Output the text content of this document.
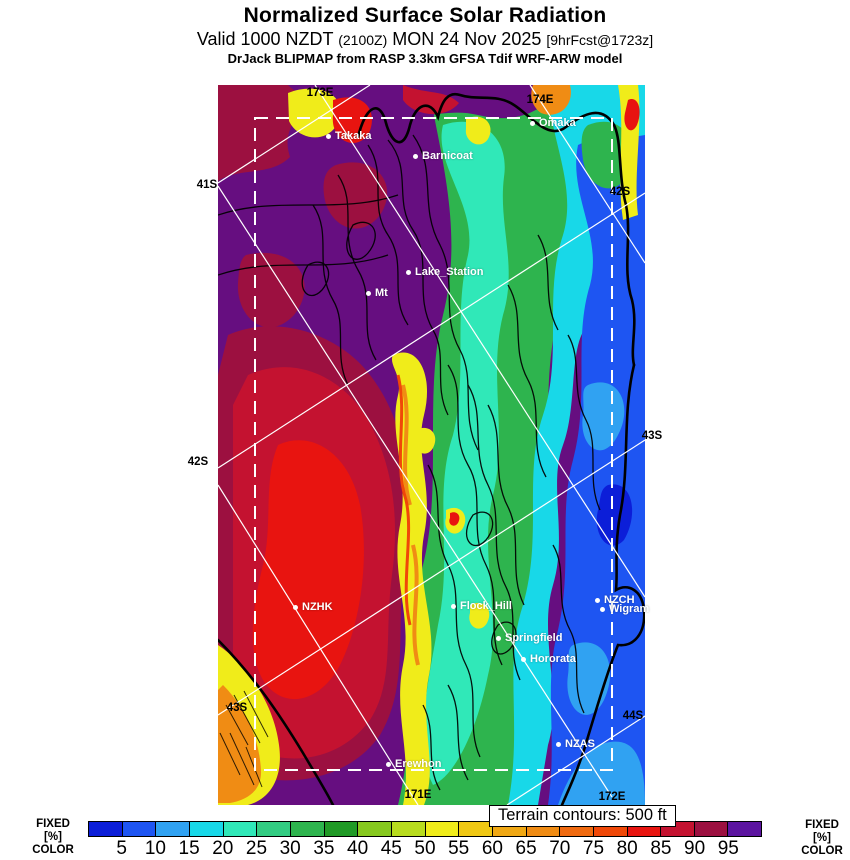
Normalized Surface Solar Radiation
Valid 1000 NZDT (2100Z) MON 24 Nov 2025 [9hrFcst@1723z]
DrJack BLIPMAP from RASP 3.3km GFSA Tdif WRF-ARW model
Takaka
Barnicoat
Omaka
Lake_Station
Mt
NZHK	Flock_Hill	NZCH
Wigram
Springfield
Hororata
NZAS
Erewhon
173E
174E
41S
42S
43S
42S
43S
44S
171E	172E
Terrain contours: 500 ft
FIXED
[%]
COLOR
FIXED
[%]
COLOR
5 10 15 20 25 30 35 40 45 50 55 60 65 70 75 80 85 90 95
